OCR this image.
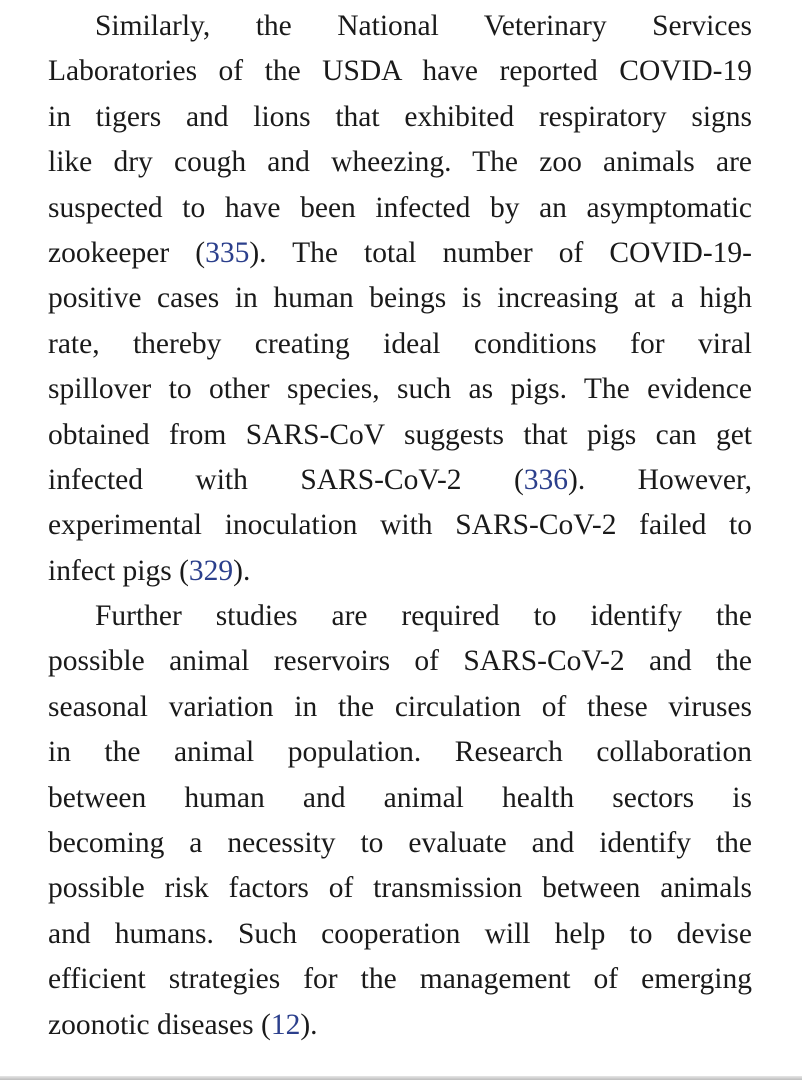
Similarly, the National Veterinary Services
Laboratories of the USDA have reported COVID-19
in tigers and lions that exhibited respiratory signs
like dry cough and wheezing. The zoo animals are
suspected to have been infected by an asymptomatic
zookeeper (335). The total number of COVID-19-
positive cases in human beings is increasing at a high
rate, thereby creating ideal conditions for viral
spillover to other species, such as pigs. The evidence
obtained from SARS-CoV suggests that pigs can get
infected with SARS-CoV-2 (336). However,
experimental inoculation with SARS-CoV-2 failed to
infect pigs (329).
Further studies are required to identify the
possible animal reservoirs of SARS-CoV-2 and the
seasonal variation in the circulation of these viruses
in the animal population. Research collaboration
between human and animal health sectors is
becoming a necessity to evaluate and identify the
possible risk factors of transmission between animals
and humans. Such cooperation will help to devise
efficient strategies for the management of emerging
zoonotic diseases (12).
